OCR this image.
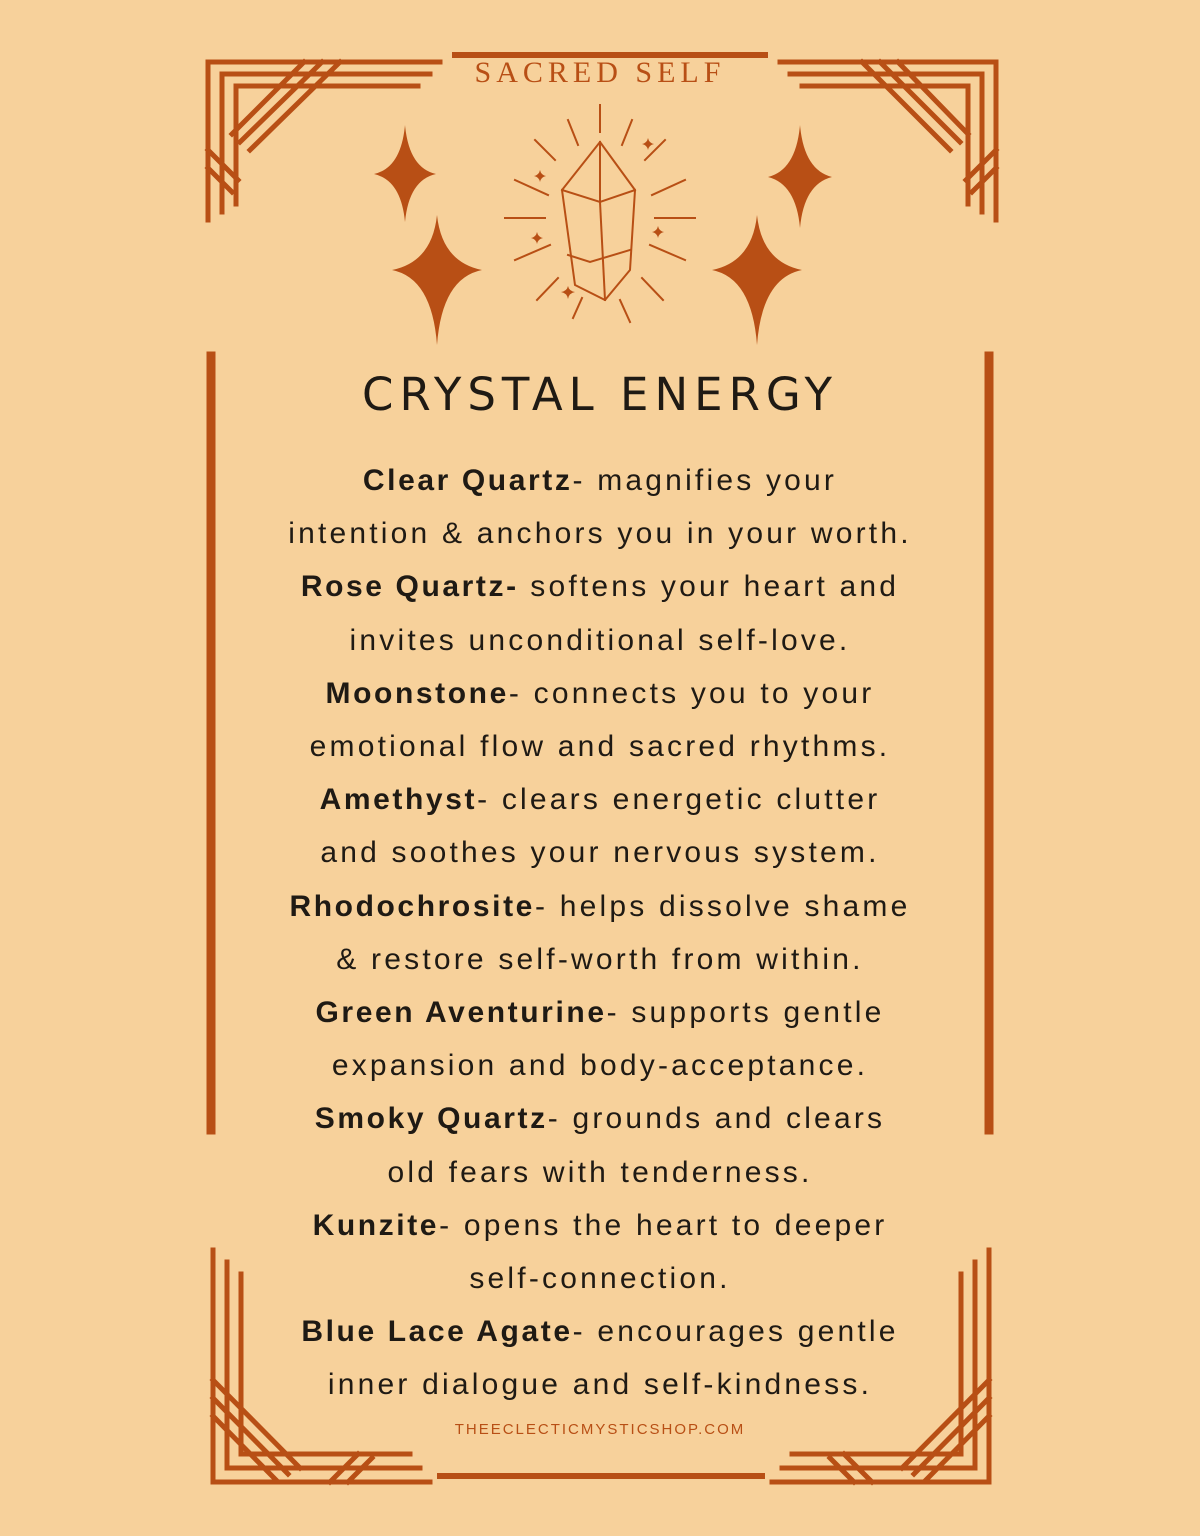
SACRED SELF
CRYSTAL ENERGY

Clear Quartz- magnifies your
intention & anchors you in your worth.

Rose Quartz- softens your heart and
invites unconditional self-love.

Moonstone- connects you to your
emotional flow and sacred rhythms.

Amethyst- clears energetic clutter
and soothes your nervous system.

Rhodochrosite- helps dissolve shame
& restore self-worth from within.

Green Aventurine- supports gentle
expansion and body-acceptance.

Smoky Quartz- grounds and clears
old fears with tenderness.

Kunzite- opens the heart to deeper
self-connection.

Blue Lace Agate- encourages gentle
inner dialogue and self-kindness.

THEECLECTICMYSTICSHOP.COM
